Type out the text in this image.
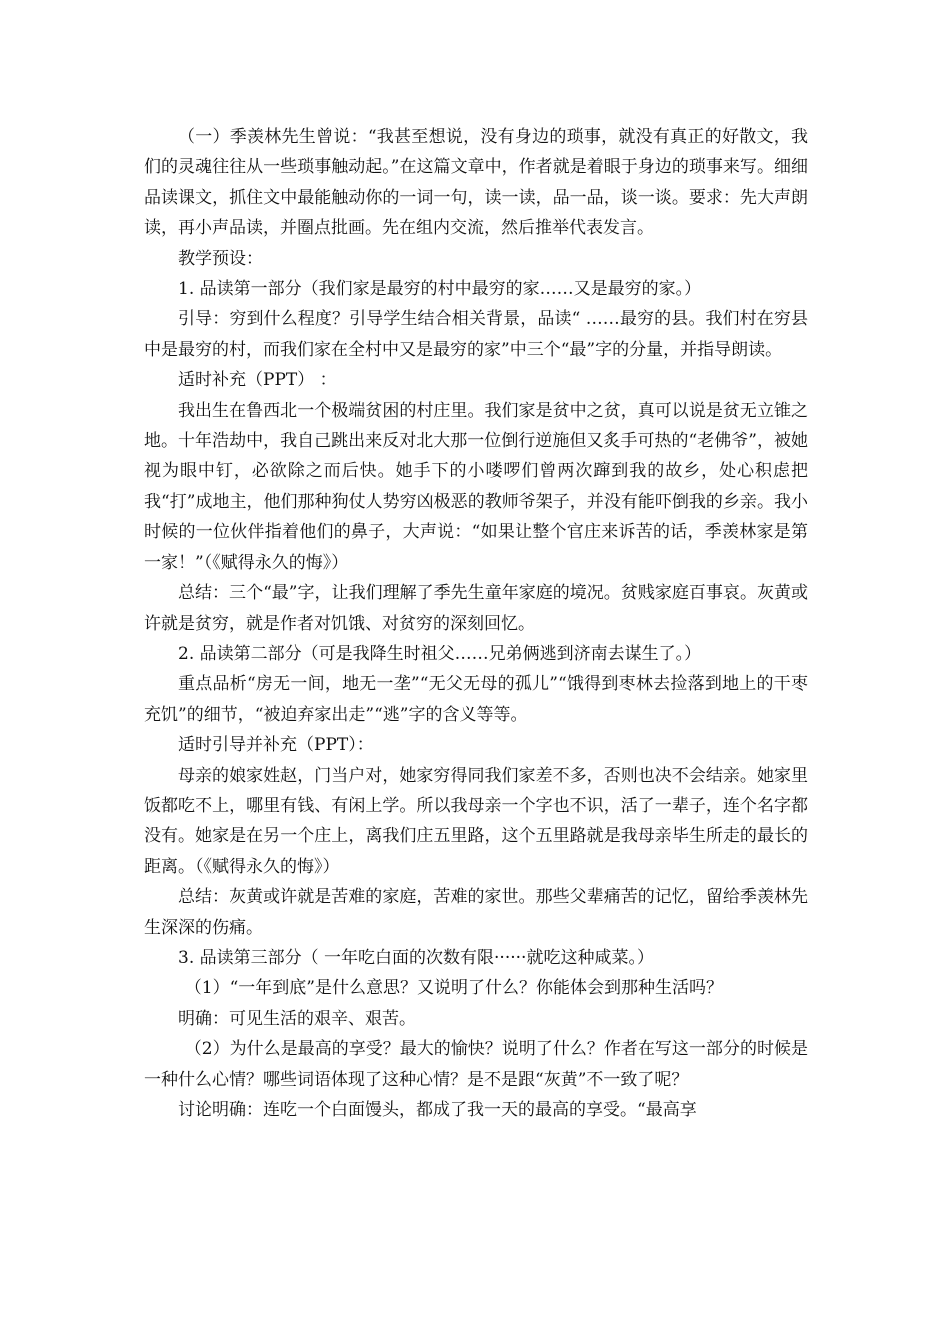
（一）季羡林先生曾说：“我甚至想说，没有身边的琐事，就没有真正的好散文，我们的灵魂往往从一些琐事触动起。”在这篇文章中，作者就是着眼于身边的琐事来写。细细品读课文，抓住文中最能触动你的一词一句，读一读，品一品，谈一谈。要求：先大声朗读，再小声品读，并圈点批画。先在组内交流，然后推举代表发言。

教学预设：

1. 品读第一部分（我们家是最穷的村中最穷的家……又是最穷的家。）

引导：穷到什么程度？引导学生结合相关背景，品读“ ……最穷的县。我们村在穷县中是最穷的村，而我们家在全村中又是最穷的家”中三个“最”字的分量，并指导朗读。

适时补充（PPT） ：

我出生在鲁西北一个极端贫困的村庄里。我们家是贫中之贫，真可以说是贫无立锥之地。十年浩劫中，我自己跳出来反对北大那一位倒行逆施但又炙手可热的“老佛爷”，被她视为眼中钉，必欲除之而后快。她手下的小喽啰们曾两次蹿到我的故乡，处心积虑把我“打”成地主，他们那种狗仗人势穷凶极恶的教师爷架子，并没有能吓倒我的乡亲。我小时候的一位伙伴指着他们的鼻子，大声说：“如果让整个官庄来诉苦的话，季羡林家是第一家！”（《赋得永久的悔》）

总结：三个“最”字，让我们理解了季先生童年家庭的境况。贫贱家庭百事哀。灰黄或许就是贫穷，就是作者对饥饿、对贫穷的深刻回忆。

2. 品读第二部分（可是我降生时祖父……兄弟俩逃到济南去谋生了。）

重点品析“房无一间，地无一垄”“无父无母的孤儿”“饿得到枣林去捡落到地上的干枣充饥”的细节，“被迫弃家出走”“逃”字的含义等等。

适时引导并补充（PPT）：

母亲的娘家姓赵，门当户对，她家穷得同我们家差不多，否则也决不会结亲。她家里饭都吃不上，哪里有钱、有闲上学。所以我母亲一个字也不识，活了一辈子，连个名字都没有。她家是在另一个庄上，离我们庄五里路，这个五里路就是我母亲毕生所走的最长的距离。（《赋得永久的悔》）

总结：灰黄或许就是苦难的家庭，苦难的家世。那些父辈痛苦的记忆，留给季羡林先生深深的伤痛。

3. 品读第三部分（ 一年吃白面的次数有限······就吃这种咸菜。）

（1）“一年到底”是什么意思？又说明了什么？你能体会到那种生活吗？

明确：可见生活的艰辛、艰苦。

（2）为什么是最高的享受？最大的愉快？说明了什么？作者在写这一部分的时候是一种什么心情？哪些词语体现了这种心情？是不是跟“灰黄”不一致了呢？

讨论明确：连吃一个白面馒头，都成了我一天的最高的享受。“最高享
